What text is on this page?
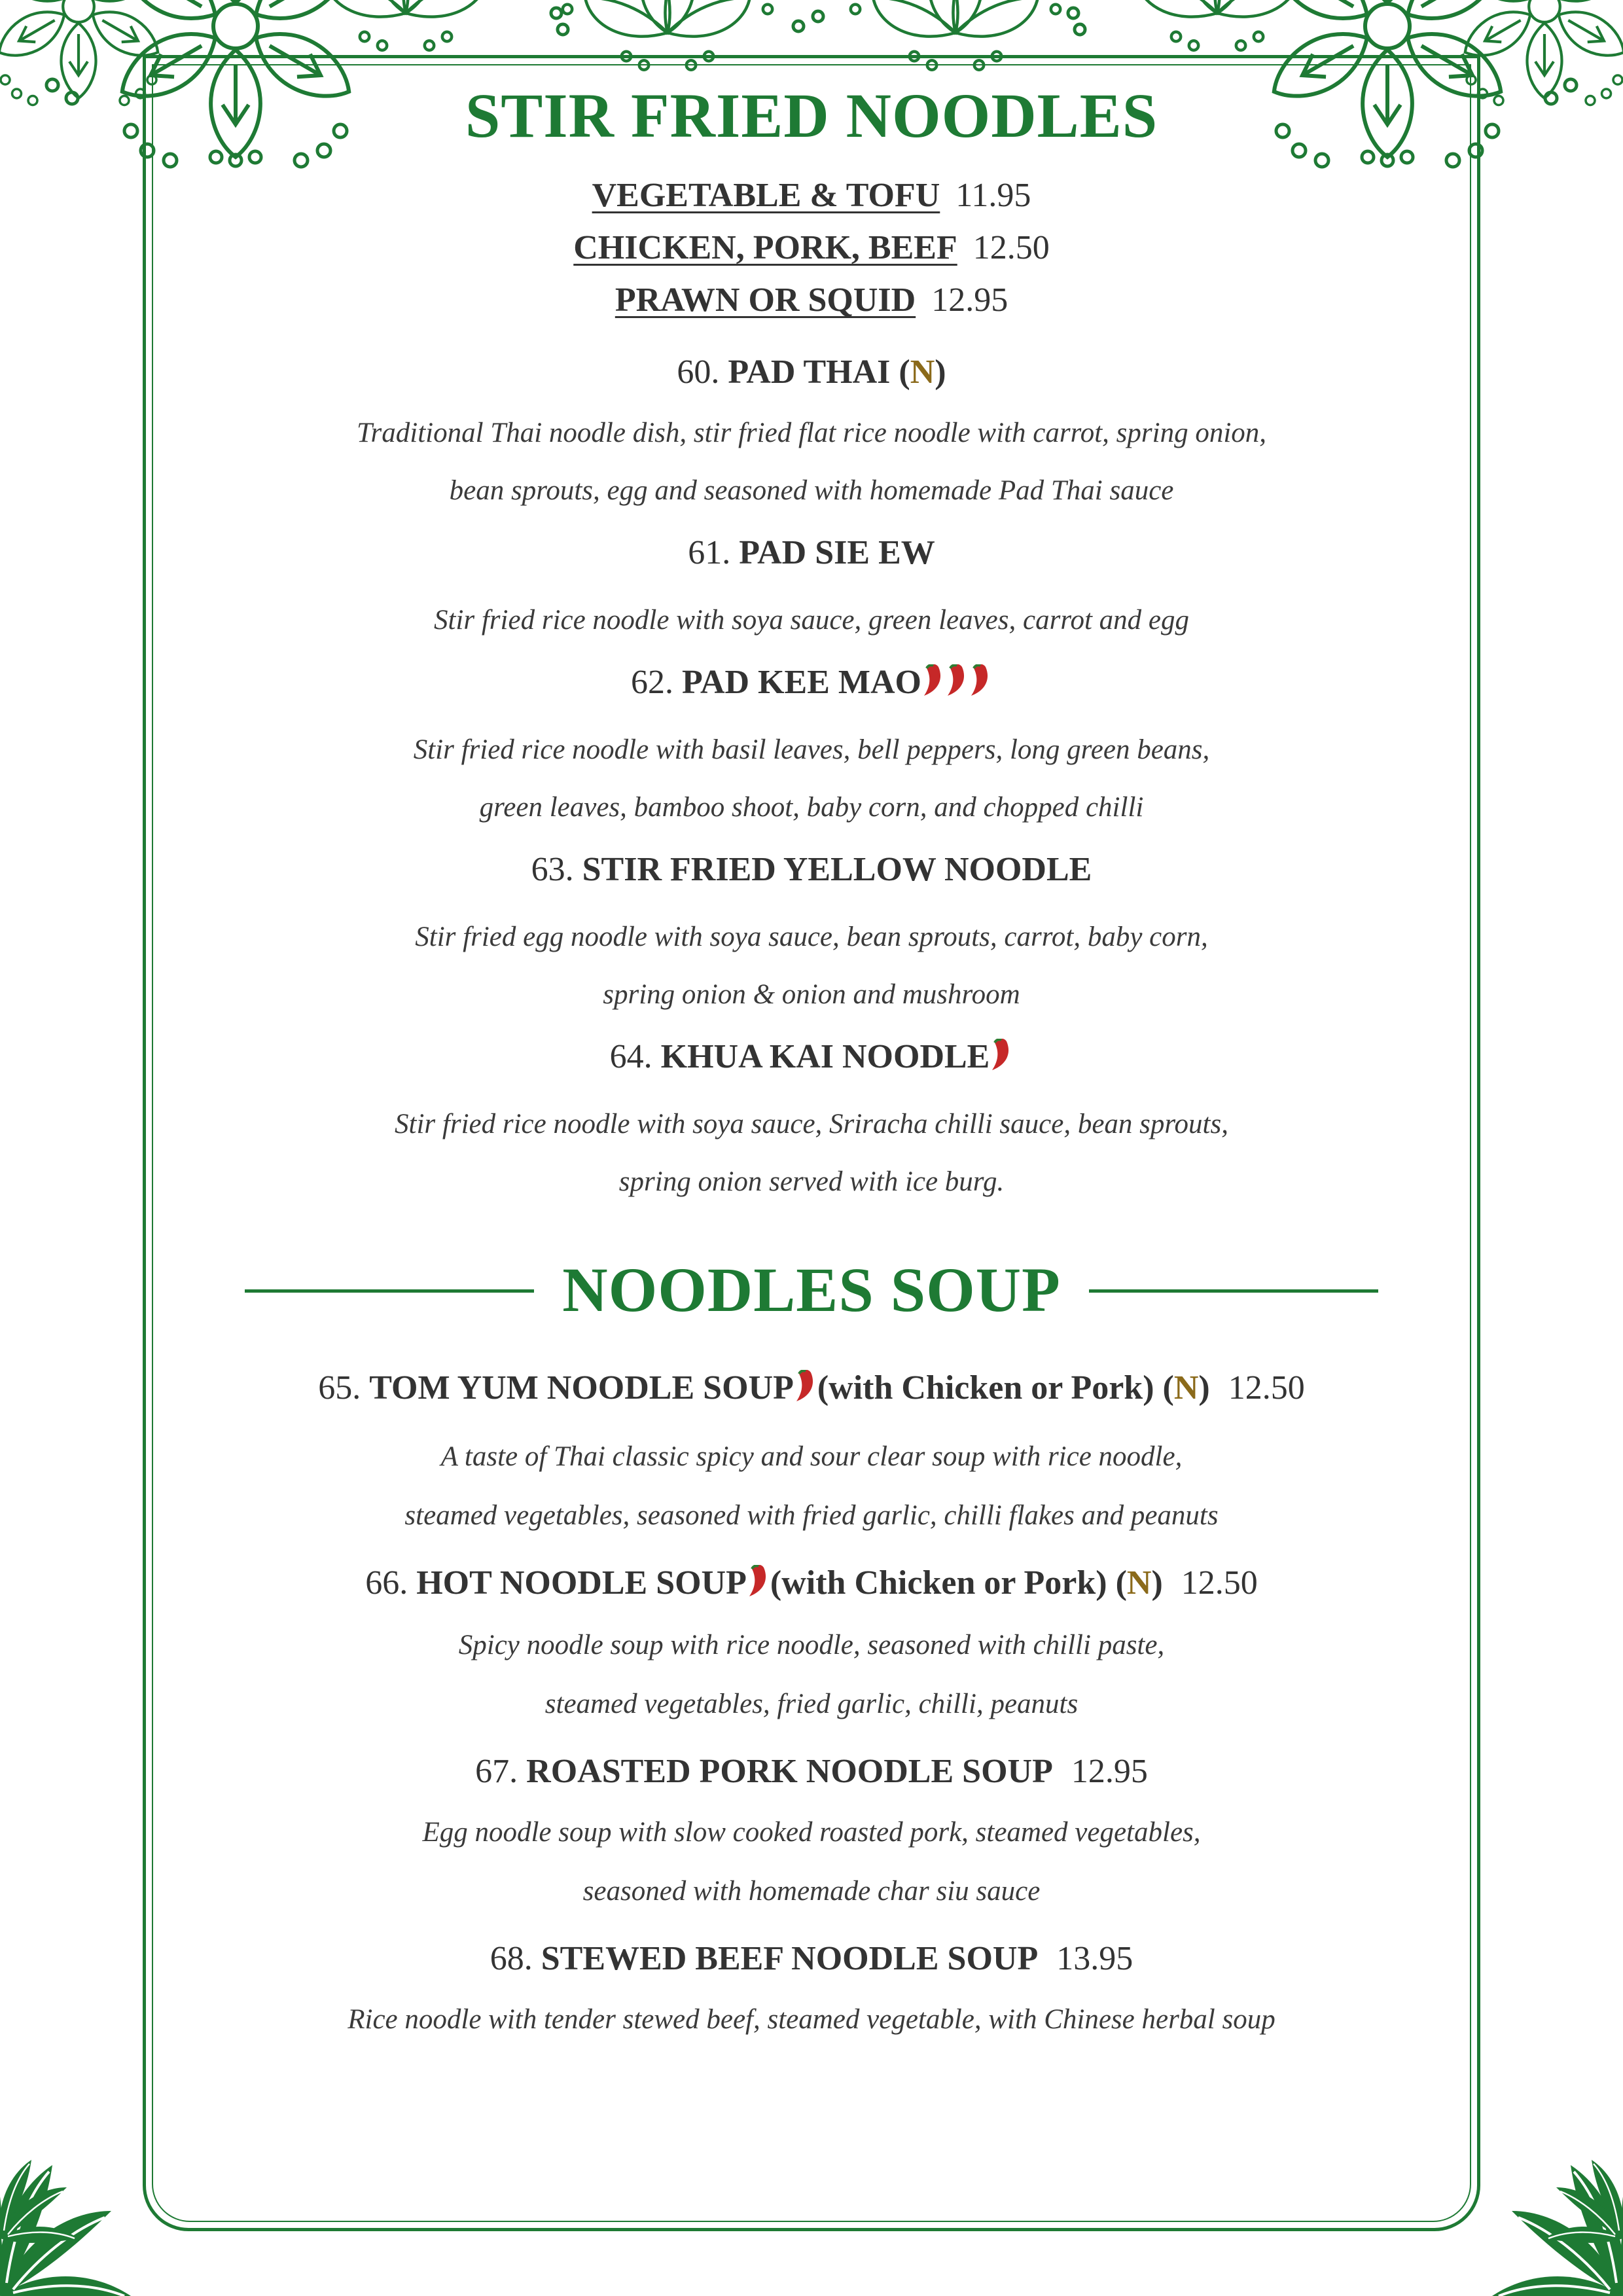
STIR FRIED NOODLES
VEGETABLE & TOFU 11.95
CHICKEN, PORK, BEEF 12.50
PRAWN OR SQUID 12.95
60. PAD THAI (N)
Traditional Thai noodle dish, stir fried flat rice noodle with carrot, spring onion,
bean sprouts, egg and seasoned with homemade Pad Thai sauce
61. PAD SIE EW
Stir fried rice noodle with soya sauce, green leaves, carrot and egg
62. PAD KEE MAO
Stir fried rice noodle with basil leaves, bell peppers, long green beans,
green leaves, bamboo shoot, baby corn, and chopped chilli
63. STIR FRIED YELLOW NOODLE
Stir fried egg noodle with soya sauce, bean sprouts, carrot, baby corn,
spring onion & onion and mushroom
64. KHUA KAI NOODLE
Stir fried rice noodle with soya sauce, Sriracha chilli sauce, bean sprouts,
spring onion served with ice burg.
NOODLES SOUP
65. TOM YUM NOODLE SOUP (with Chicken or Pork) (N) 12.50
A taste of Thai classic spicy and sour clear soup with rice noodle,
steamed vegetables, seasoned with fried garlic, chilli flakes and peanuts
66. HOT NOODLE SOUP (with Chicken or Pork) (N) 12.50
Spicy noodle soup with rice noodle, seasoned with chilli paste,
steamed vegetables, fried garlic, chilli, peanuts
67. ROASTED PORK NOODLE SOUP 12.95
Egg noodle soup with slow cooked roasted pork, steamed vegetables,
seasoned with homemade char siu sauce
68. STEWED BEEF NOODLE SOUP 13.95
Rice noodle with tender stewed beef, steamed vegetable, with Chinese herbal soup
